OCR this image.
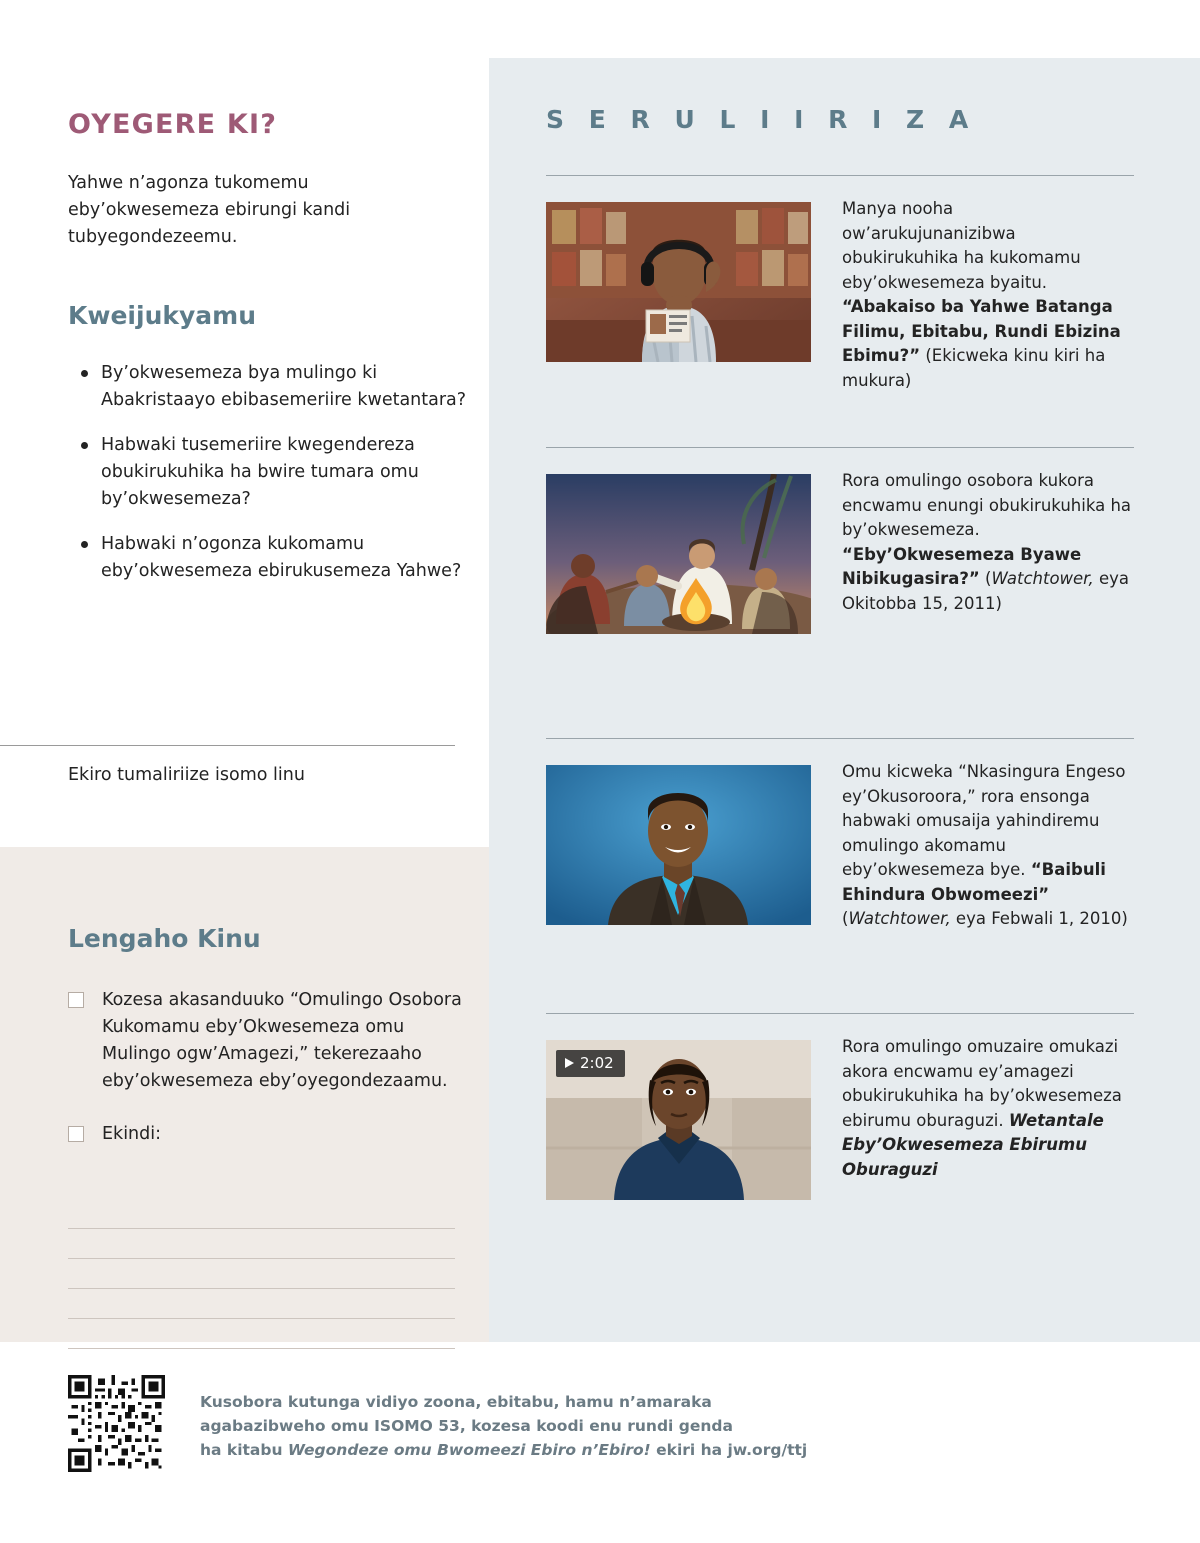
OYEGERE KI?
Yahwe n’agonza tukomemu eby’okwesemeza ebirungi kandi tubyegondezeemu.
Kweijukyamu
By’okwesemeza bya mulingo ki Abakristaayo ebibasemeriire kwetantara?
Habwaki tusemeriire kwegendereza obukirukuhika ha bwire tumara omu by’okwesemeza?
Habwaki n’ogonza kukomamu eby’okwesemeza ebirukusemeza Yahwe?
Ekiro tumaliriize isomo linu
Lengaho Kinu
Kozesa akasanduuko “Omulingo Osobora Kukomamu eby’Okwesemeza omu Mulingo ogw’Amagezi,” tekerezaaho eby’okwesemeza eby’oyegondezaamu.
Ekindi:
S E R U L I I R I Z A
Manya nooha ow’arukujunanizibwa obukirukuhika ha kukomamu eby’okwesemeza byaitu. “Abakaiso ba Yahwe Batanga Filimu, Ebitabu, Rundi Ebizina Ebimu?” (Ekicweka kinu kiri ha mukura)
Rora omulingo osobora kukora encwamu enungi obukirukuhika ha by’okwesemeza. “Eby’Okwesemeza Byawe Nibikugasira?” (Watchtower, eya Okitobba 15, 2011)
Omu kicweka “Nkasingura Engeso ey’Okusoroora,” rora ensonga habwaki omusaija yahindiremu omulingo akomamu eby’okwesemeza bye. “Baibuli Ehindura Obwomeezi” (Watchtower, eya Febwali 1, 2010)
2:02
Rora omulingo omuzaire omukazi akora encwamu ey’amagezi obukirukuhika ha by’okwesemeza ebirumu oburaguzi. Wetantale Eby’Okwesemeza Ebirumu Oburaguzi
Kusobora kutunga vidiyo zoona, ebitabu, hamu n’amaraka
agabazibweho omu ISOMO 53, kozesa koodi enu rundi genda
ha kitabu Wegondeze omu Bwomeezi Ebiro n’Ebiro! ekiri ha jw.org/ttj
